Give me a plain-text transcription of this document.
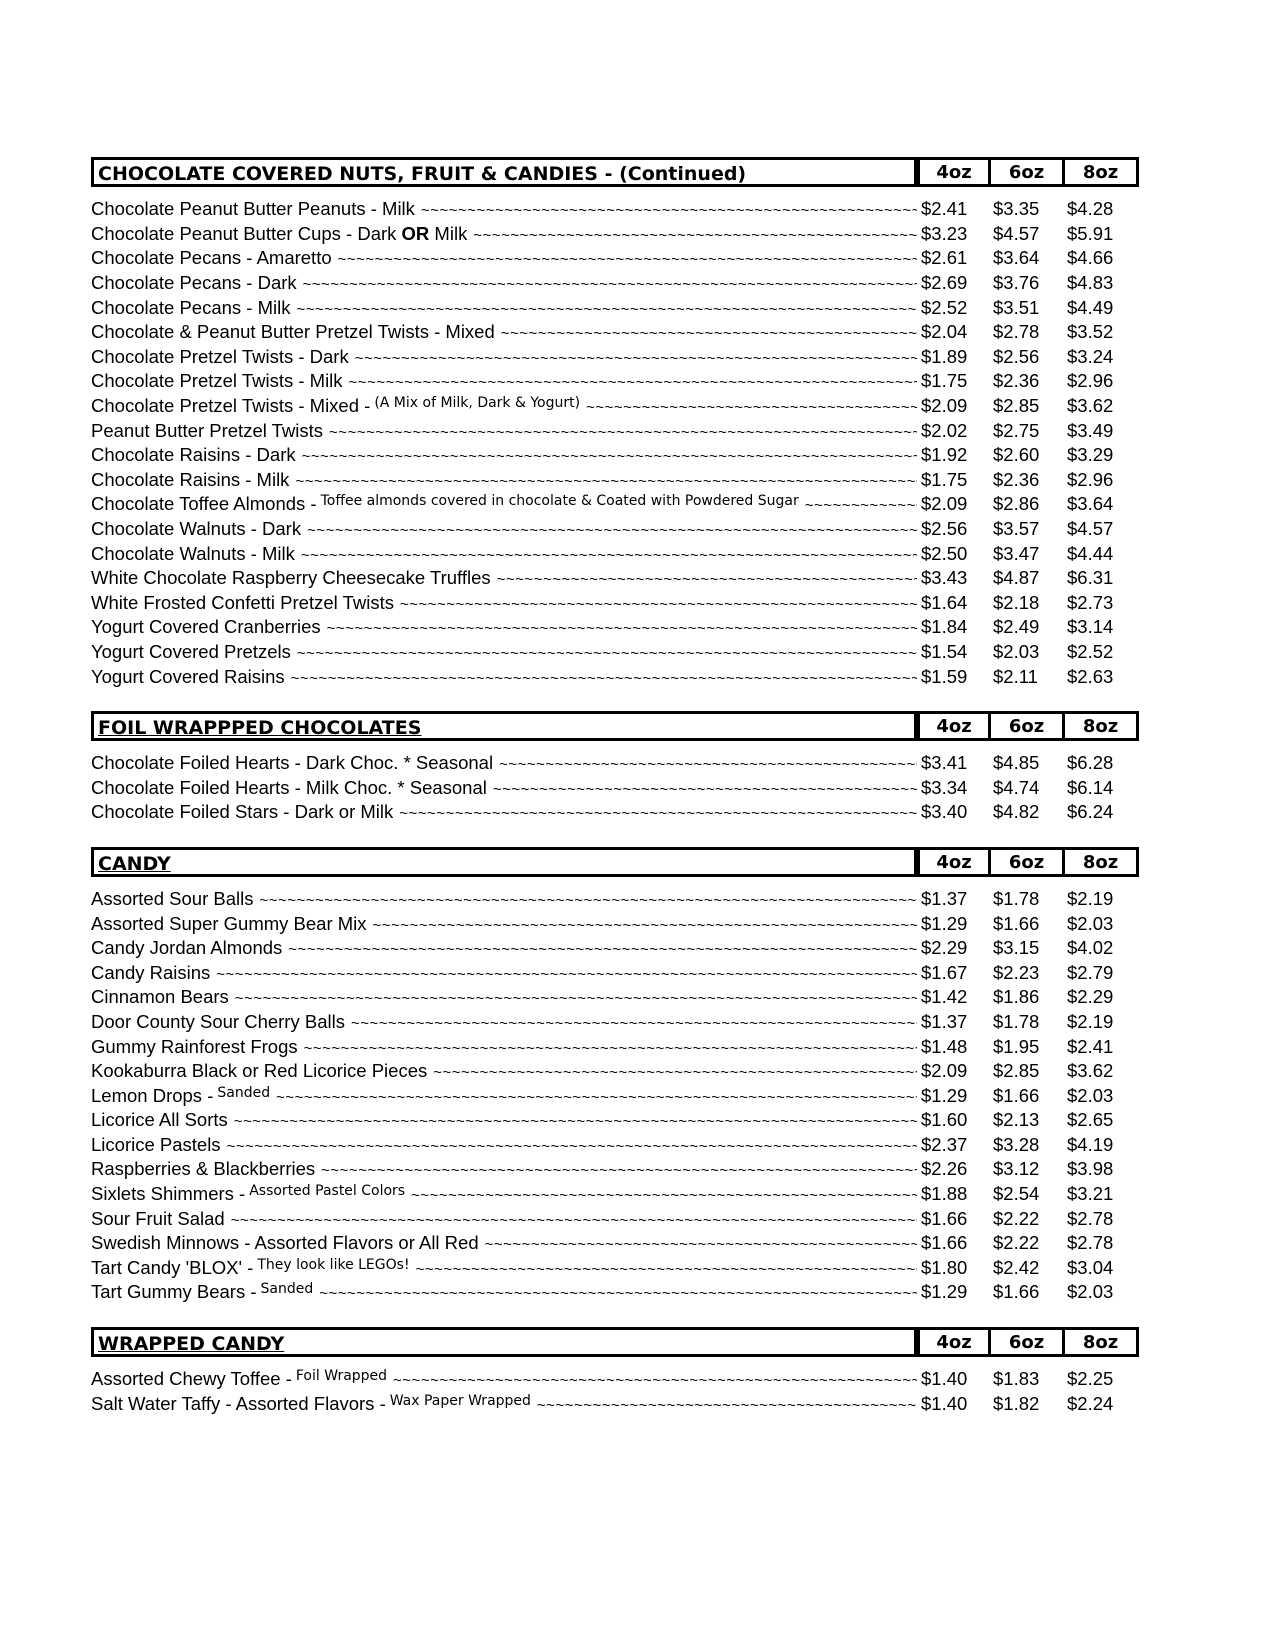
CHOCOLATE COVERED NUTS, FRUIT & CANDIES - (Continued)	4oz	6oz	8oz
Chocolate Peanut Butter Peanuts - Milk ~~~~~	$2.41	$3.35	$4.28
Chocolate Peanut Butter Cups - Dark OR Milk ~~~~~	$3.23	$4.57	$5.91
Chocolate Pecans - Amaretto ~~~~~	$2.61	$3.64	$4.66
Chocolate Pecans - Dark ~~~~~	$2.69	$3.76	$4.83
Chocolate Pecans - Milk ~~~~~	$2.52	$3.51	$4.49
Chocolate & Peanut Butter Pretzel Twists - Mixed ~~~~~	$2.04	$2.78	$3.52
Chocolate Pretzel Twists - Dark ~~~~~	$1.89	$2.56	$3.24
Chocolate Pretzel Twists - Milk ~~~~~	$1.75	$2.36	$2.96
Chocolate Pretzel Twists - Mixed - (A Mix of Milk, Dark & Yogurt) ~~~~~	$2.09	$2.85	$3.62
Peanut Butter Pretzel Twists ~~~~~	$2.02	$2.75	$3.49
Chocolate Raisins - Dark ~~~~~	$1.92	$2.60	$3.29
Chocolate Raisins - Milk ~~~~~	$1.75	$2.36	$2.96
Chocolate Toffee Almonds - Toffee almonds covered in chocolate & Coated with Powdered Sugar ~~~~~	$2.09	$2.86	$3.64
Chocolate Walnuts - Dark ~~~~~	$2.56	$3.57	$4.57
Chocolate Walnuts - Milk ~~~~~	$2.50	$3.47	$4.44
White Chocolate Raspberry Cheesecake Truffles ~~~~~	$3.43	$4.87	$6.31
White Frosted Confetti Pretzel Twists ~~~~~	$1.64	$2.18	$2.73
Yogurt Covered Cranberries ~~~~~	$1.84	$2.49	$3.14
Yogurt Covered Pretzels ~~~~~	$1.54	$2.03	$2.52
Yogurt Covered Raisins ~~~~~	$1.59	$2.11	$2.63
FOIL WRAPPPED CHOCOLATES	4oz	6oz	8oz
Chocolate Foiled Hearts - Dark Choc. * Seasonal ~~~~~	$3.41	$4.85	$6.28
Chocolate Foiled Hearts - Milk Choc. * Seasonal ~~~~~	$3.34	$4.74	$6.14
Chocolate Foiled Stars - Dark or Milk ~~~~~	$3.40	$4.82	$6.24
CANDY	4oz	6oz	8oz
Assorted Sour Balls ~~~~~	$1.37	$1.78	$2.19
Assorted Super Gummy Bear Mix ~~~~~	$1.29	$1.66	$2.03
Candy Jordan Almonds ~~~~~	$2.29	$3.15	$4.02
Candy Raisins ~~~~~	$1.67	$2.23	$2.79
Cinnamon Bears ~~~~~	$1.42	$1.86	$2.29
Door County Sour Cherry Balls ~~~~~	$1.37	$1.78	$2.19
Gummy Rainforest Frogs ~~~~~	$1.48	$1.95	$2.41
Kookaburra Black or Red Licorice Pieces ~~~~~	$2.09	$2.85	$3.62
Lemon Drops - Sanded ~~~~~	$1.29	$1.66	$2.03
Licorice All Sorts ~~~~~	$1.60	$2.13	$2.65
Licorice Pastels ~~~~~	$2.37	$3.28	$4.19
Raspberries & Blackberries ~~~~~	$2.26	$3.12	$3.98
Sixlets Shimmers - Assorted Pastel Colors ~~~~~	$1.88	$2.54	$3.21
Sour Fruit Salad ~~~~~	$1.66	$2.22	$2.78
Swedish Minnows - Assorted Flavors or All Red ~~~~~	$1.66	$2.22	$2.78
Tart Candy 'BLOX' - They look like LEGOs! ~~~~~	$1.80	$2.42	$3.04
Tart Gummy Bears - Sanded ~~~~~	$1.29	$1.66	$2.03
WRAPPED CANDY	4oz	6oz	8oz
Assorted Chewy Toffee - Foil Wrapped ~~~~~	$1.40	$1.83	$2.25
Salt Water Taffy - Assorted Flavors - Wax Paper Wrapped ~~~~~	$1.40	$1.82	$2.24
